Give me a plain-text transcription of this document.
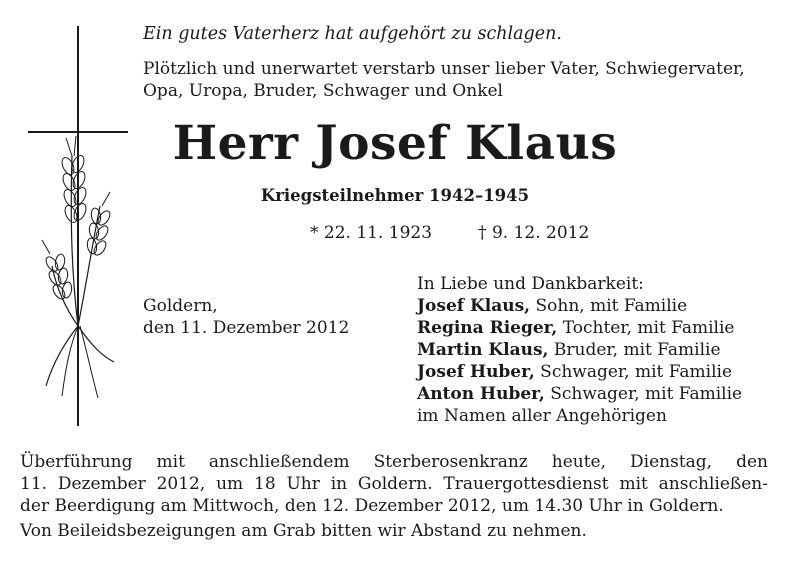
Ein gutes Vaterherz hat aufgehört zu schlagen.
Plötzlich und unerwartet verstarb unser lieber Vater, Schwiegervater,
Opa, Uropa, Bruder, Schwager und Onkel
Herr Josef Klaus
Kriegsteilnehmer 1942–1945
* 22. 11. 1923	† 9. 12. 2012
Goldern,
den 11. Dezember 2012
In Liebe und Dankbarkeit:
Josef Klaus, Sohn, mit Familie
Regina Rieger, Tochter, mit Familie
Martin Klaus, Bruder, mit Familie
Josef Huber, Schwager, mit Familie
Anton Huber, Schwager, mit Familie
im Namen aller Angehörigen
Überführung mit anschließendem Sterberosenkranz heute, Dienstag, den
11. Dezember 2012, um 18 Uhr in Goldern. Trauergottesdienst mit anschließen-
der Beerdigung am Mittwoch, den 12. Dezember 2012, um 14.30 Uhr in Goldern.
Von Beileidsbezeigungen am Grab bitten wir Abstand zu nehmen.
